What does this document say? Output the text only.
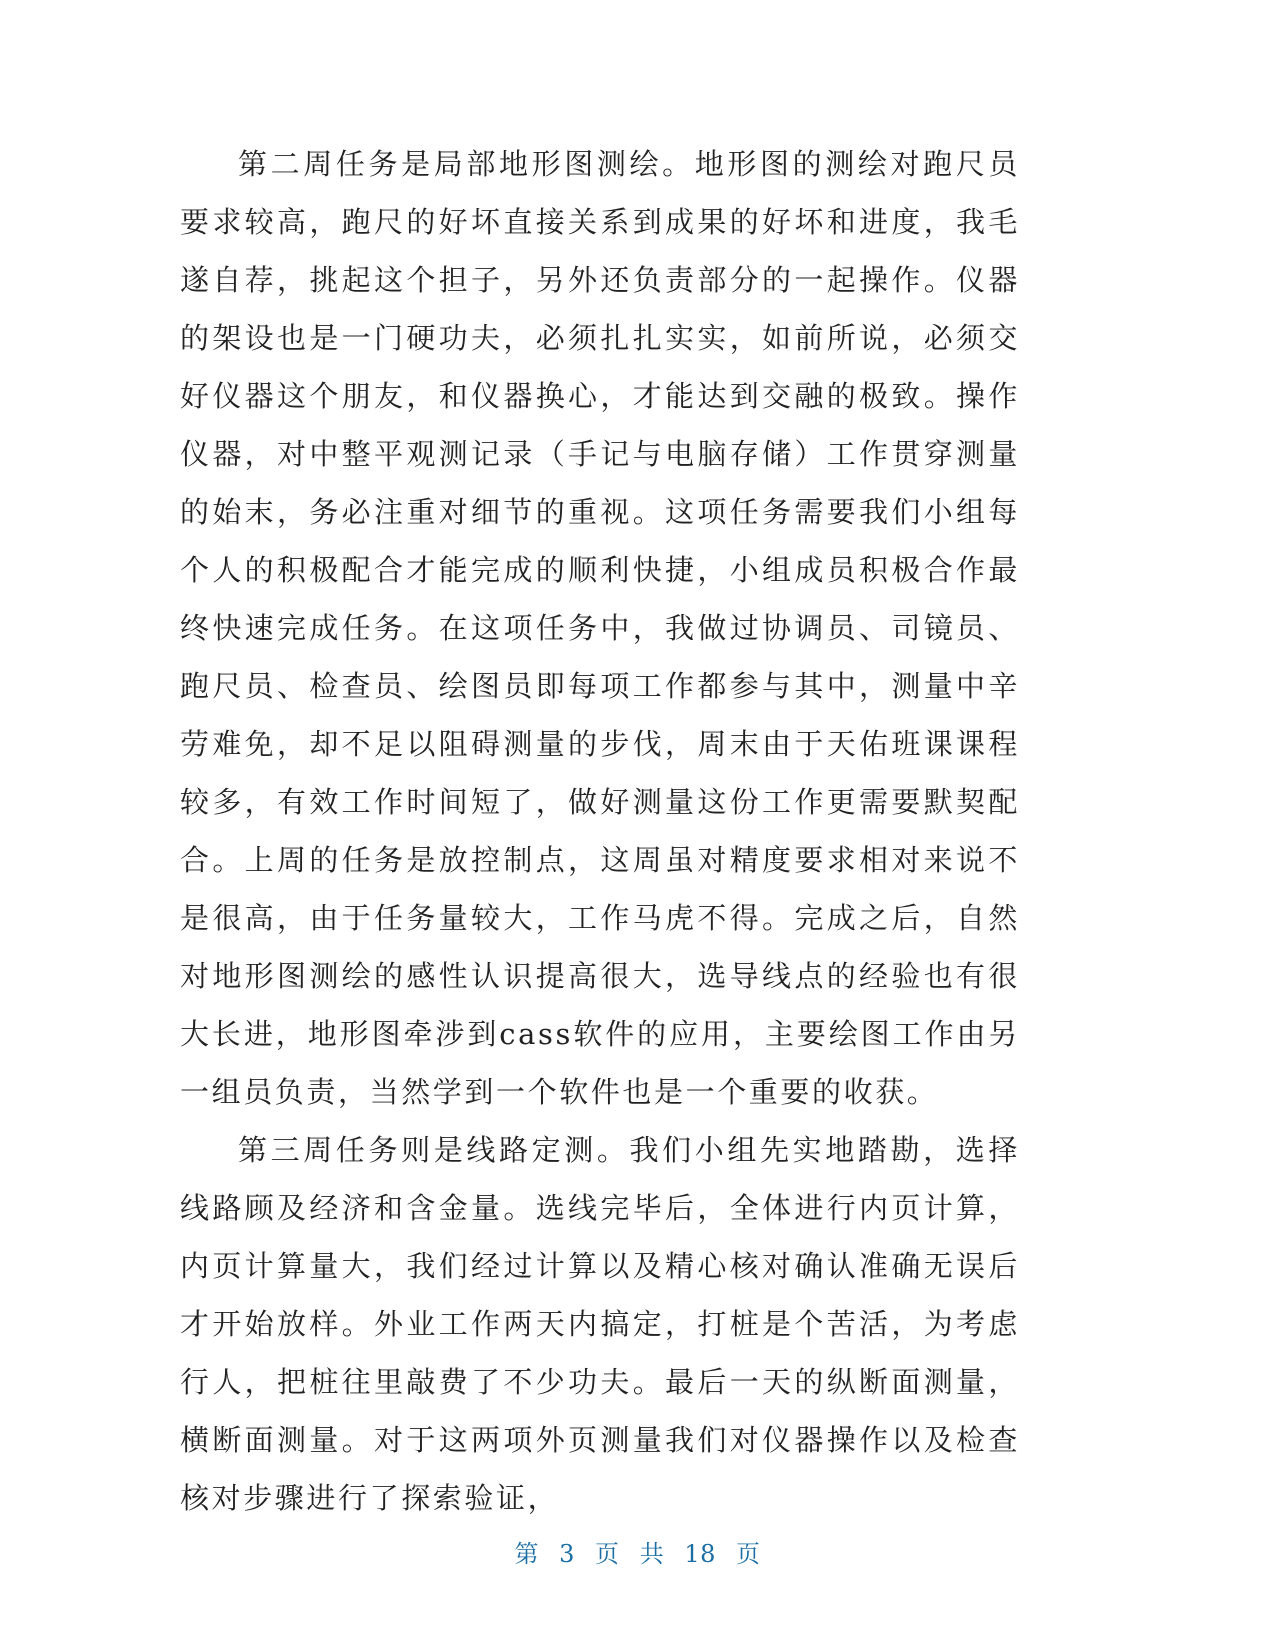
第二周任务是局部地形图测绘。地形图的测绘对跑尺员要求较高，跑尺的好坏直接关系到成果的好坏和进度，我毛遂自荐，挑起这个担子，另外还负责部分的一起操作。仪器的架设也是一门硬功夫，必须扎扎实实，如前所说，必须交好仪器这个朋友，和仪器换心，才能达到交融的极致。操作仪器，对中整平观测记录（手记与电脑存储）工作贯穿测量的始末，务必注重对细节的重视。这项任务需要我们小组每个人的积极配合才能完成的顺利快捷，小组成员积极合作最终快速完成任务。在这项任务中，我做过协调员、司镜员、跑尺员、检查员、绘图员即每项工作都参与其中，测量中辛劳难免，却不足以阻碍测量的步伐，周末由于天佑班课课程较多，有效工作时间短了，做好测量这份工作更需要默契配合。上周的任务是放控制点，这周虽对精度要求相对来说不是很高，由于任务量较大，工作马虎不得。完成之后，自然对地形图测绘的感性认识提高很大，选导线点的经验也有很大长进，地形图牵涉到cass软件的应用，主要绘图工作由另一组员负责，当然学到一个软件也是一个重要的收获。

第三周任务则是线路定测。我们小组先实地踏勘，选择线路顾及经济和含金量。选线完毕后，全体进行内页计算，内页计算量大，我们经过计算以及精心核对确认准确无误后才开始放样。外业工作两天内搞定，打桩是个苦活，为考虑行人，把桩往里敲费了不少功夫。最后一天的纵断面测量，横断面测量。对于这两项外页测量我们对仪器操作以及检查核对步骤进行了探索验证，

第 3 页 共 18 页
